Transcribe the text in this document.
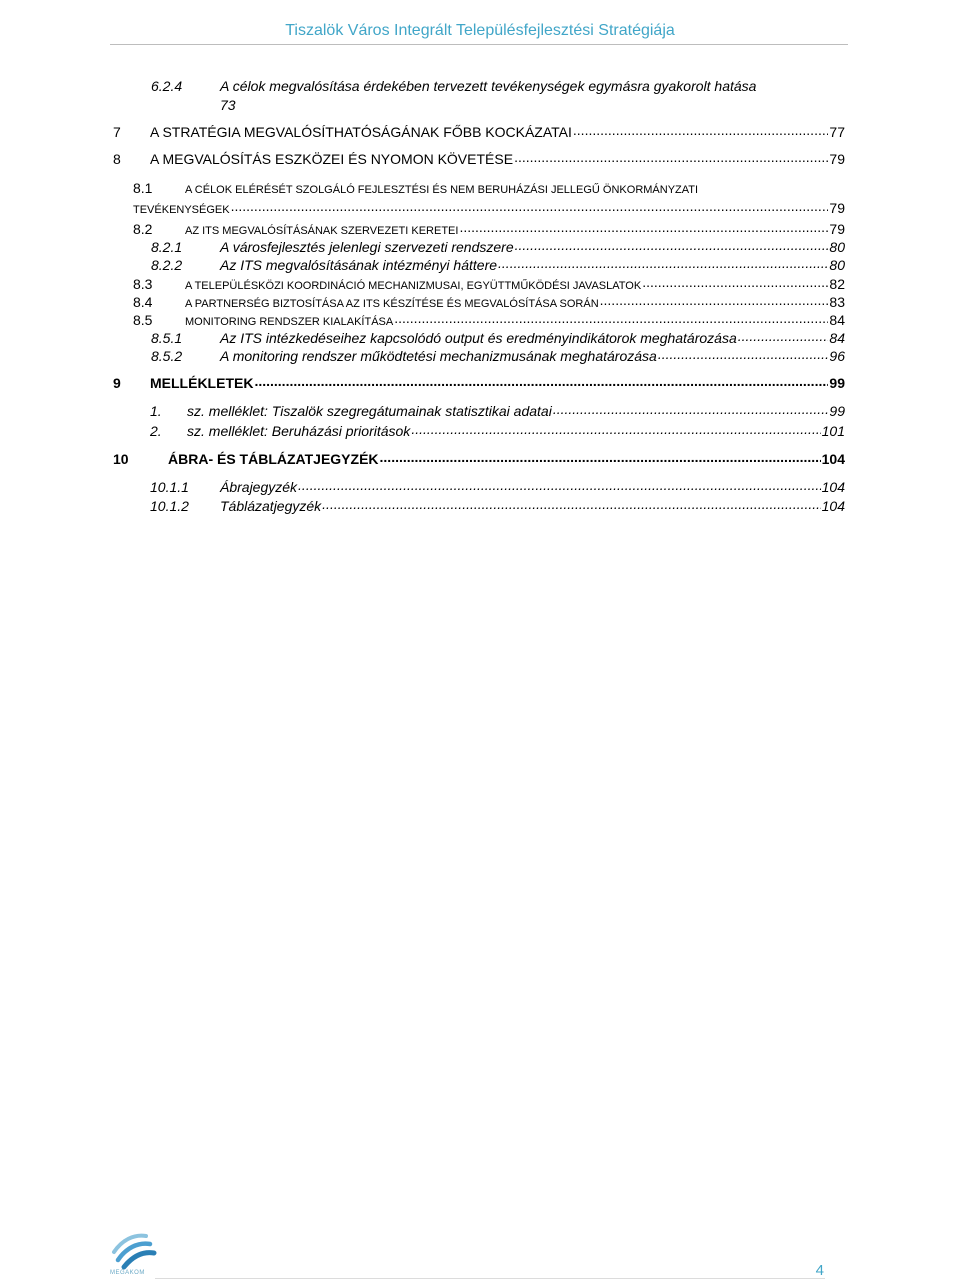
Tiszalök Város Integrált Településfejlesztési Stratégiája
6.2.4	A célok megvalósítása érdekében tervezett tevékenységek egymásra gyakorolt hatása
73
7	A STRATÉGIA MEGVALÓSÍTHATÓSÁGÁNAK FŐBB KOCKÁZATAI .....	77
8	A MEGVALÓSÍTÁS ESZKÖZEI ÉS NYOMON KÖVETÉSE .....	79
8.1	A CÉLOK ELÉRÉSÉT SZOLGÁLÓ FEJLESZTÉSI ÉS NEM BERUHÁZÁSI JELLEGŰ ÖNKORMÁNYZATI
TEVÉKENYSÉGEK .....	79
8.2	AZ ITS MEGVALÓSÍTÁSÁNAK SZERVEZETI KERETEI .....	79
8.2.1	A városfejlesztés jelenlegi szervezeti rendszere .....	80
8.2.2	Az ITS megvalósításának intézményi háttere .....	80
8.3	A TELEPÜLÉSKÖZI KOORDINÁCIÓ MECHANIZMUSAI, EGYÜTTMŰKÖDÉSI JAVASLATOK .....	82
8.4	A PARTNERSÉG BIZTOSÍTÁSA AZ ITS KÉSZÍTÉSE ÉS MEGVALÓSÍTÁSA SORÁN .....	83
8.5	MONITORING RENDSZER KIALAKÍTÁSA .....	84
8.5.1	Az ITS intézkedéseihez kapcsolódó output és eredményindikátorok meghatározása .....	84
8.5.2	A monitoring rendszer működtetési mechanizmusának meghatározása .....	96
9	MELLÉKLETEK .....	99
1.	sz. melléklet: Tiszalök szegregátumainak statisztikai adatai .....	99
2.	sz. melléklet: Beruházási prioritások .....	101
10	ÁBRA- ÉS TÁBLÁZATJEGYZÉK .....	104
10.1.1 Ábrajegyzék .....	104
10.1.2 Táblázatjegyzék .....	104
MEGAKOM	4
